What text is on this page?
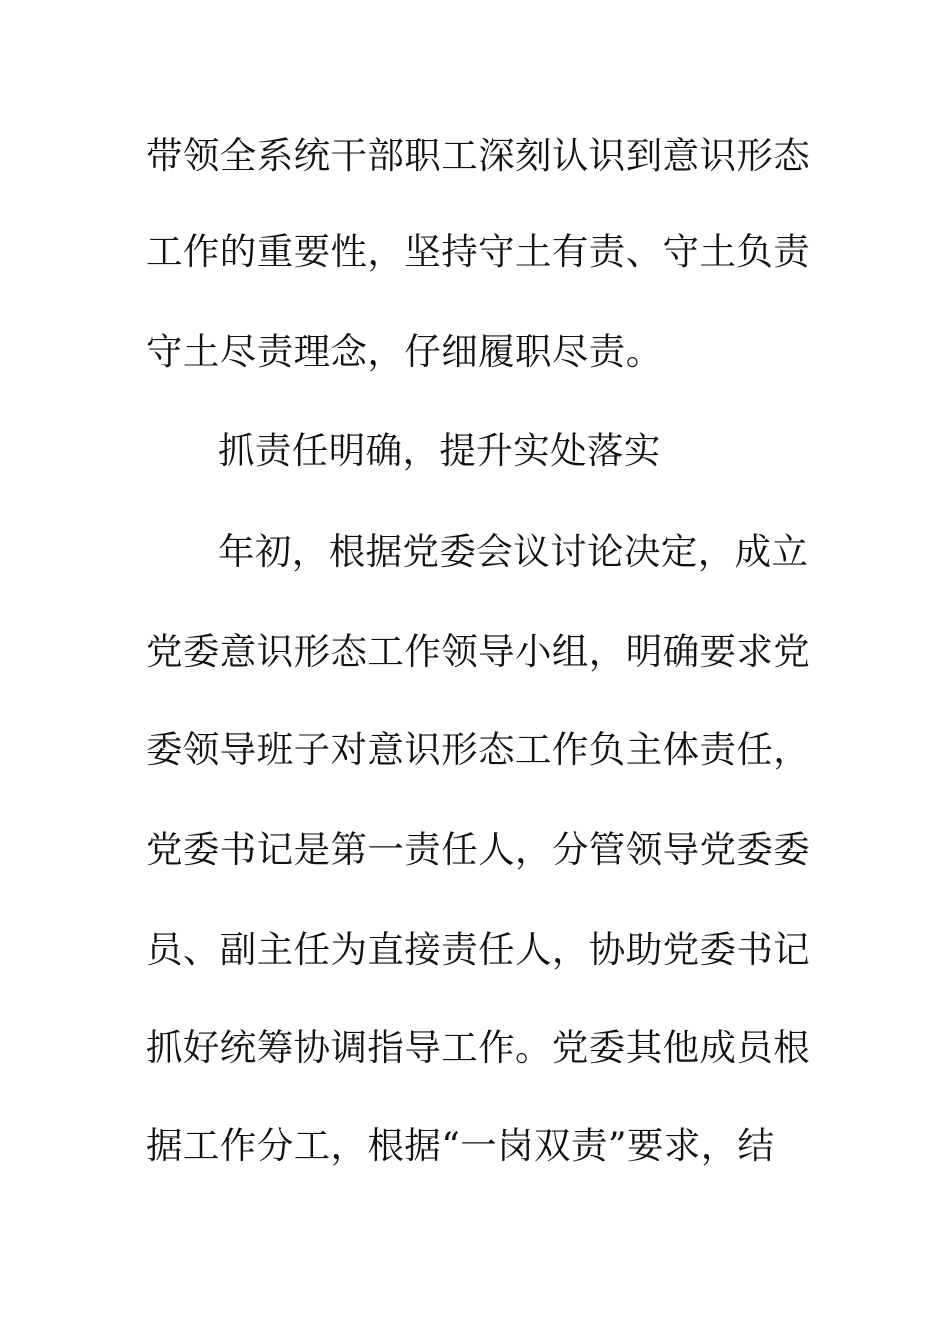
带领全系统干部职工深刻认识到意识形态
工作的重要性，坚持守土有责、守土负责
守土尽责理念，仔细履职尽责。
抓责任明确，提升实处落实
年初，根据党委会议讨论决定，成立
党委意识形态工作领导小组，明确要求党
委领导班子对意识形态工作负主体责任，
党委书记是第一责任人，分管领导党委委
员、副主任为直接责任人，协助党委书记
抓好统筹协调指导工作。党委其他成员根
据工作分工，根据“一岗双责”要求，结
